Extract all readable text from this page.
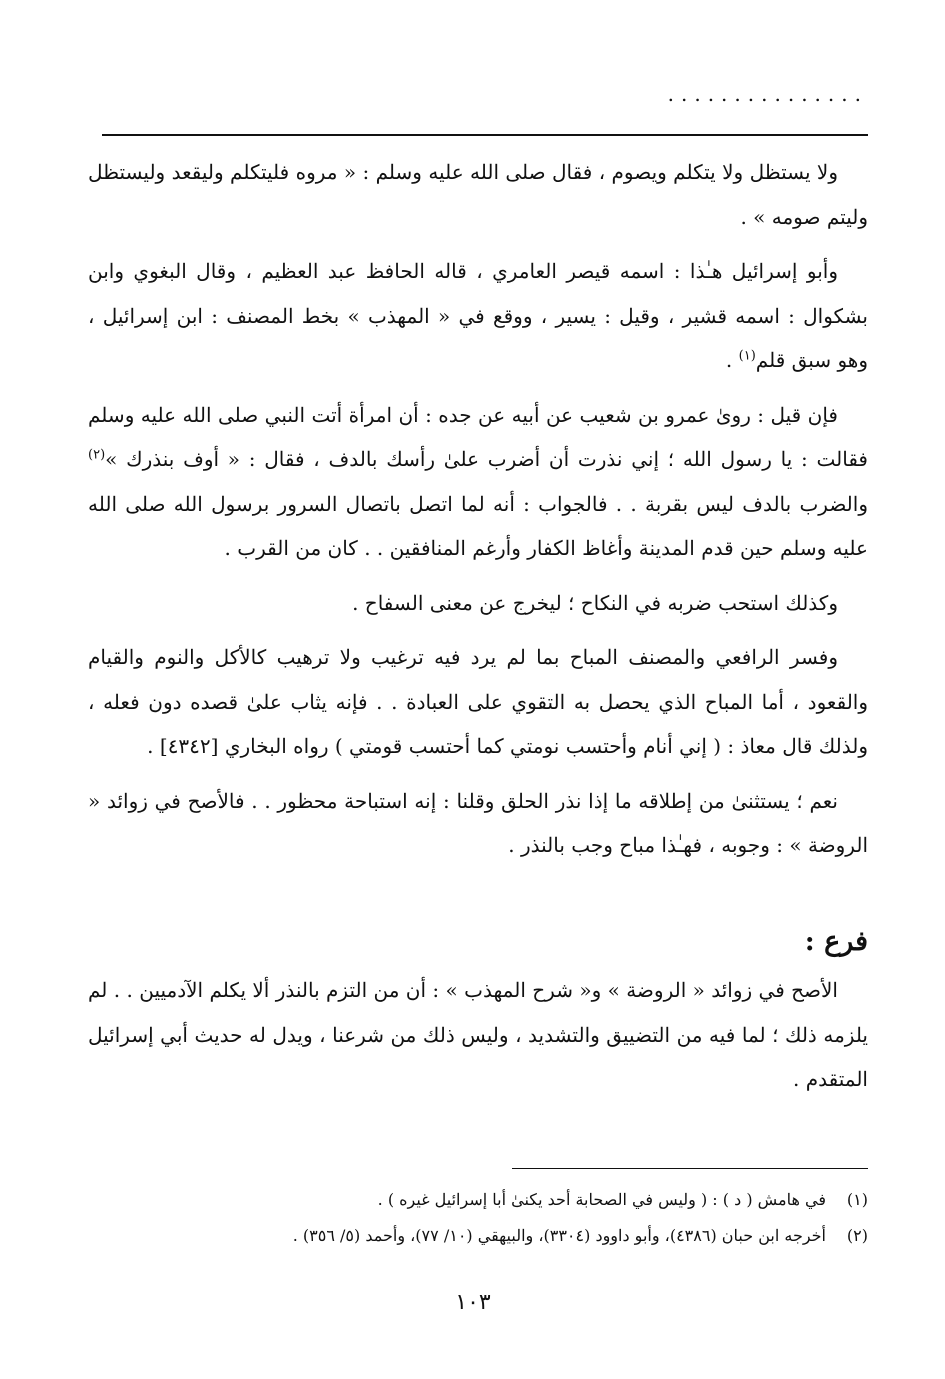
...............

ولا يستظل ولا يتكلم ويصوم ، فقال صلى الله عليه وسلم : « مروه فليتكلم وليقعد وليستظل وليتم صومه » .

وأبو إسرائيل هـٰذا : اسمه قيصر العامري ، قاله الحافظ عبد العظيم ، وقال البغوي وابن بشكوال : اسمه قشير ، وقيل : يسير ، ووقع في « المهذب » بخط المصنف : ابن إسرائيل ، وهو سبق قلم$^{(١)}$ .

فإن قيل : رویٰ عمرو بن شعيب عن أبيه عن جده : أن امرأة أتت النبي صلى الله عليه وسلم فقالت : يا رسول الله ؛ إني نذرت أن أضرب علىٰ رأسك بالدف ، فقال : « أوف بنذرك »$^{(٢)}$ والضرب بالدف ليس بقربة . . فالجواب : أنه لما اتصل باتصال السرور برسول الله صلى الله عليه وسلم حين قدم المدينة وأغاظ الكفار وأرغم المنافقين . . كان من القرب .

وكذلك استحب ضربه في النكاح ؛ ليخرج عن معنى السفاح .

وفسر الرافعي والمصنف المباح بما لم يرد فيه ترغيب ولا ترهيب كالأكل والنوم والقيام والقعود ، أما المباح الذي يحصل به التقوي على العبادة . . فإنه يثاب علىٰ قصده دون فعله ، ولذلك قال معاذ : ( إني أنام وأحتسب نومتي كما أحتسب قومتي ) رواه البخاري [٤٣٤٢] .

نعم ؛ يستثنىٰ من إطلاقه ما إذا نذر الحلق وقلنا : إنه استباحة محظور . . فالأصح في زوائد « الروضة » : وجوبه ، فهـٰذا مباح وجب بالنذر .

فرع :

الأصح في زوائد « الروضة » و« شرح المهذب » : أن من التزم بالنذر ألا يكلم الآدميين . . لم يلزمه ذلك ؛ لما فيه من التضييق والتشديد ، وليس ذلك من شرعنا ، ويدل له حديث أبي إسرائيل المتقدم .

(١)في هامش ( د ) : ( وليس في الصحابة أحد يكنىٰ أبا إسرائيل غيره ) .
(٢)أخرجه ابن حبان (٤٣٨٦)، وأبو داوود (٣٣٠٤)، والبيهقي (١٠/ ٧٧)، وأحمد (٥/ ٣٥٦) .
١٠٣
